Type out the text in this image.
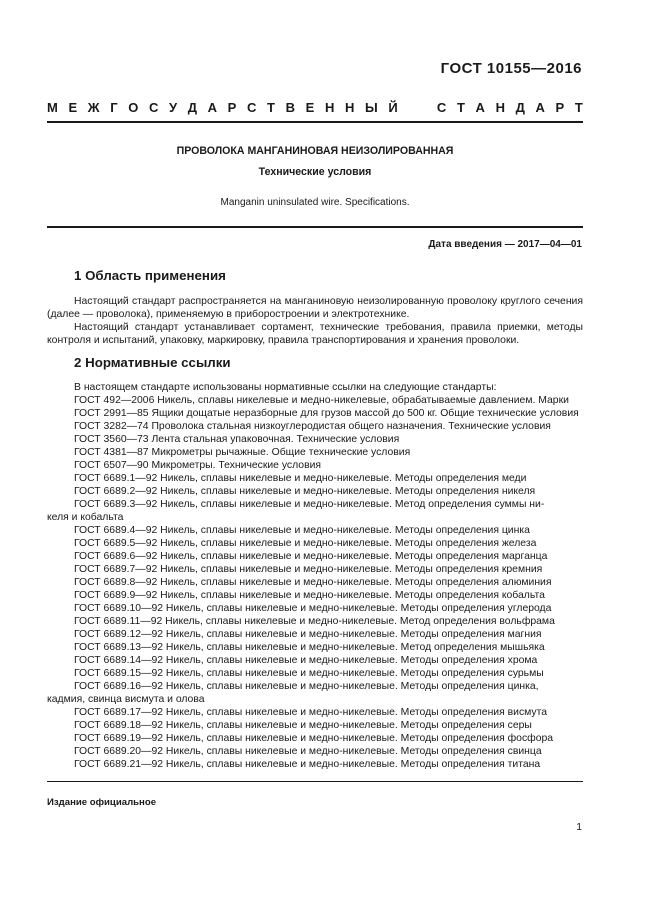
ГОСТ 10155—2016
М Е Ж Г О С У Д А Р С Т В Е Н Н Ы Й

	С Т А Н Д А Р Т
ПРОВОЛОКА МАНГАНИНОВАЯ НЕИЗОЛИРОВАННАЯ
Технические условия
Manganin uninsulated wire. Specifications.
Дата введения — 2017—04—01
1 Область применения

Настоящий стандарт распространяется на манганиновую неизолированную проволоку круглого сечения (далее — проволока), применяемую в приборостроении и электротехнике.

Настоящий стандарт устанавливает сортамент, технические требования, правила приемки, методы контроля и испытаний, упаковку, маркировку, правила транспортирования и хранения проволоки.

2 Нормативные ссылки
В настоящем стандарте использованы нормативные ссылки на следующие стандарты:
ГОСТ 492—2006 Никель, сплавы никелевые и медно-никелевые, обрабатываемые давлением. Марки
ГОСТ 2991—85 Ящики дощатые неразборные для грузов массой до 500 кг. Общие технические условия
ГОСТ 3282—74 Проволока стальная низкоуглеродистая общего назначения. Технические условия
ГОСТ 3560—73 Лента стальная упаковочная. Технические условия
ГОСТ 4381—87 Микрометры рычажные. Общие технические условия
ГОСТ 6507—90 Микрометры. Технические условия
ГОСТ 6689.1—92 Никель, сплавы никелевые и медно-никелевые. Методы определения меди
ГОСТ 6689.2—92 Никель, сплавы никелевые и медно-никелевые. Методы определения никеля
ГОСТ 6689.3—92 Никель, сплавы никелевые и медно-никелевые. Метод определения суммы ни-
келя и кобальта
ГОСТ 6689.4—92 Никель, сплавы никелевые и медно-никелевые. Методы определения цинка
ГОСТ 6689.5—92 Никель, сплавы никелевые и медно-никелевые. Методы определения железа
ГОСТ 6689.6—92 Никель, сплавы никелевые и медно-никелевые. Методы определения марганца
ГОСТ 6689.7—92 Никель, сплавы никелевые и медно-никелевые. Методы определения кремния
ГОСТ 6689.8—92 Никель, сплавы никелевые и медно-никелевые. Методы определения алюминия
ГОСТ 6689.9—92 Никель, сплавы никелевые и медно-никелевые. Методы определения кобальта
ГОСТ 6689.10—92 Никель, сплавы никелевые и медно-никелевые. Методы определения углерода
ГОСТ 6689.11—92 Никель, сплавы никелевые и медно-никелевые. Метод определения вольфрама
ГОСТ 6689.12—92 Никель, сплавы никелевые и медно-никелевые. Методы определения магния
ГОСТ 6689.13—92 Никель, сплавы никелевые и медно-никелевые. Метод определения мышьяка
ГОСТ 6689.14—92 Никель, сплавы никелевые и медно-никелевые. Методы определения хрома
ГОСТ 6689.15—92 Никель, сплавы никелевые и медно-никелевые. Методы определения сурьмы
ГОСТ 6689.16—92 Никель, сплавы никелевые и медно-никелевые. Методы определения цинка,
кадмия, свинца висмута и олова
ГОСТ 6689.17—92 Никель, сплавы никелевые и медно-никелевые. Методы определения висмута
ГОСТ 6689.18—92 Никель, сплавы никелевые и медно-никелевые. Методы определения серы
ГОСТ 6689.19—92 Никель, сплавы никелевые и медно-никелевые. Методы определения фосфора
ГОСТ 6689.20—92 Никель, сплавы никелевые и медно-никелевые. Методы определения свинца
ГОСТ 6689.21—92 Никель, сплавы никелевые и медно-никелевые. Методы определения титана
Издание официальное
1
